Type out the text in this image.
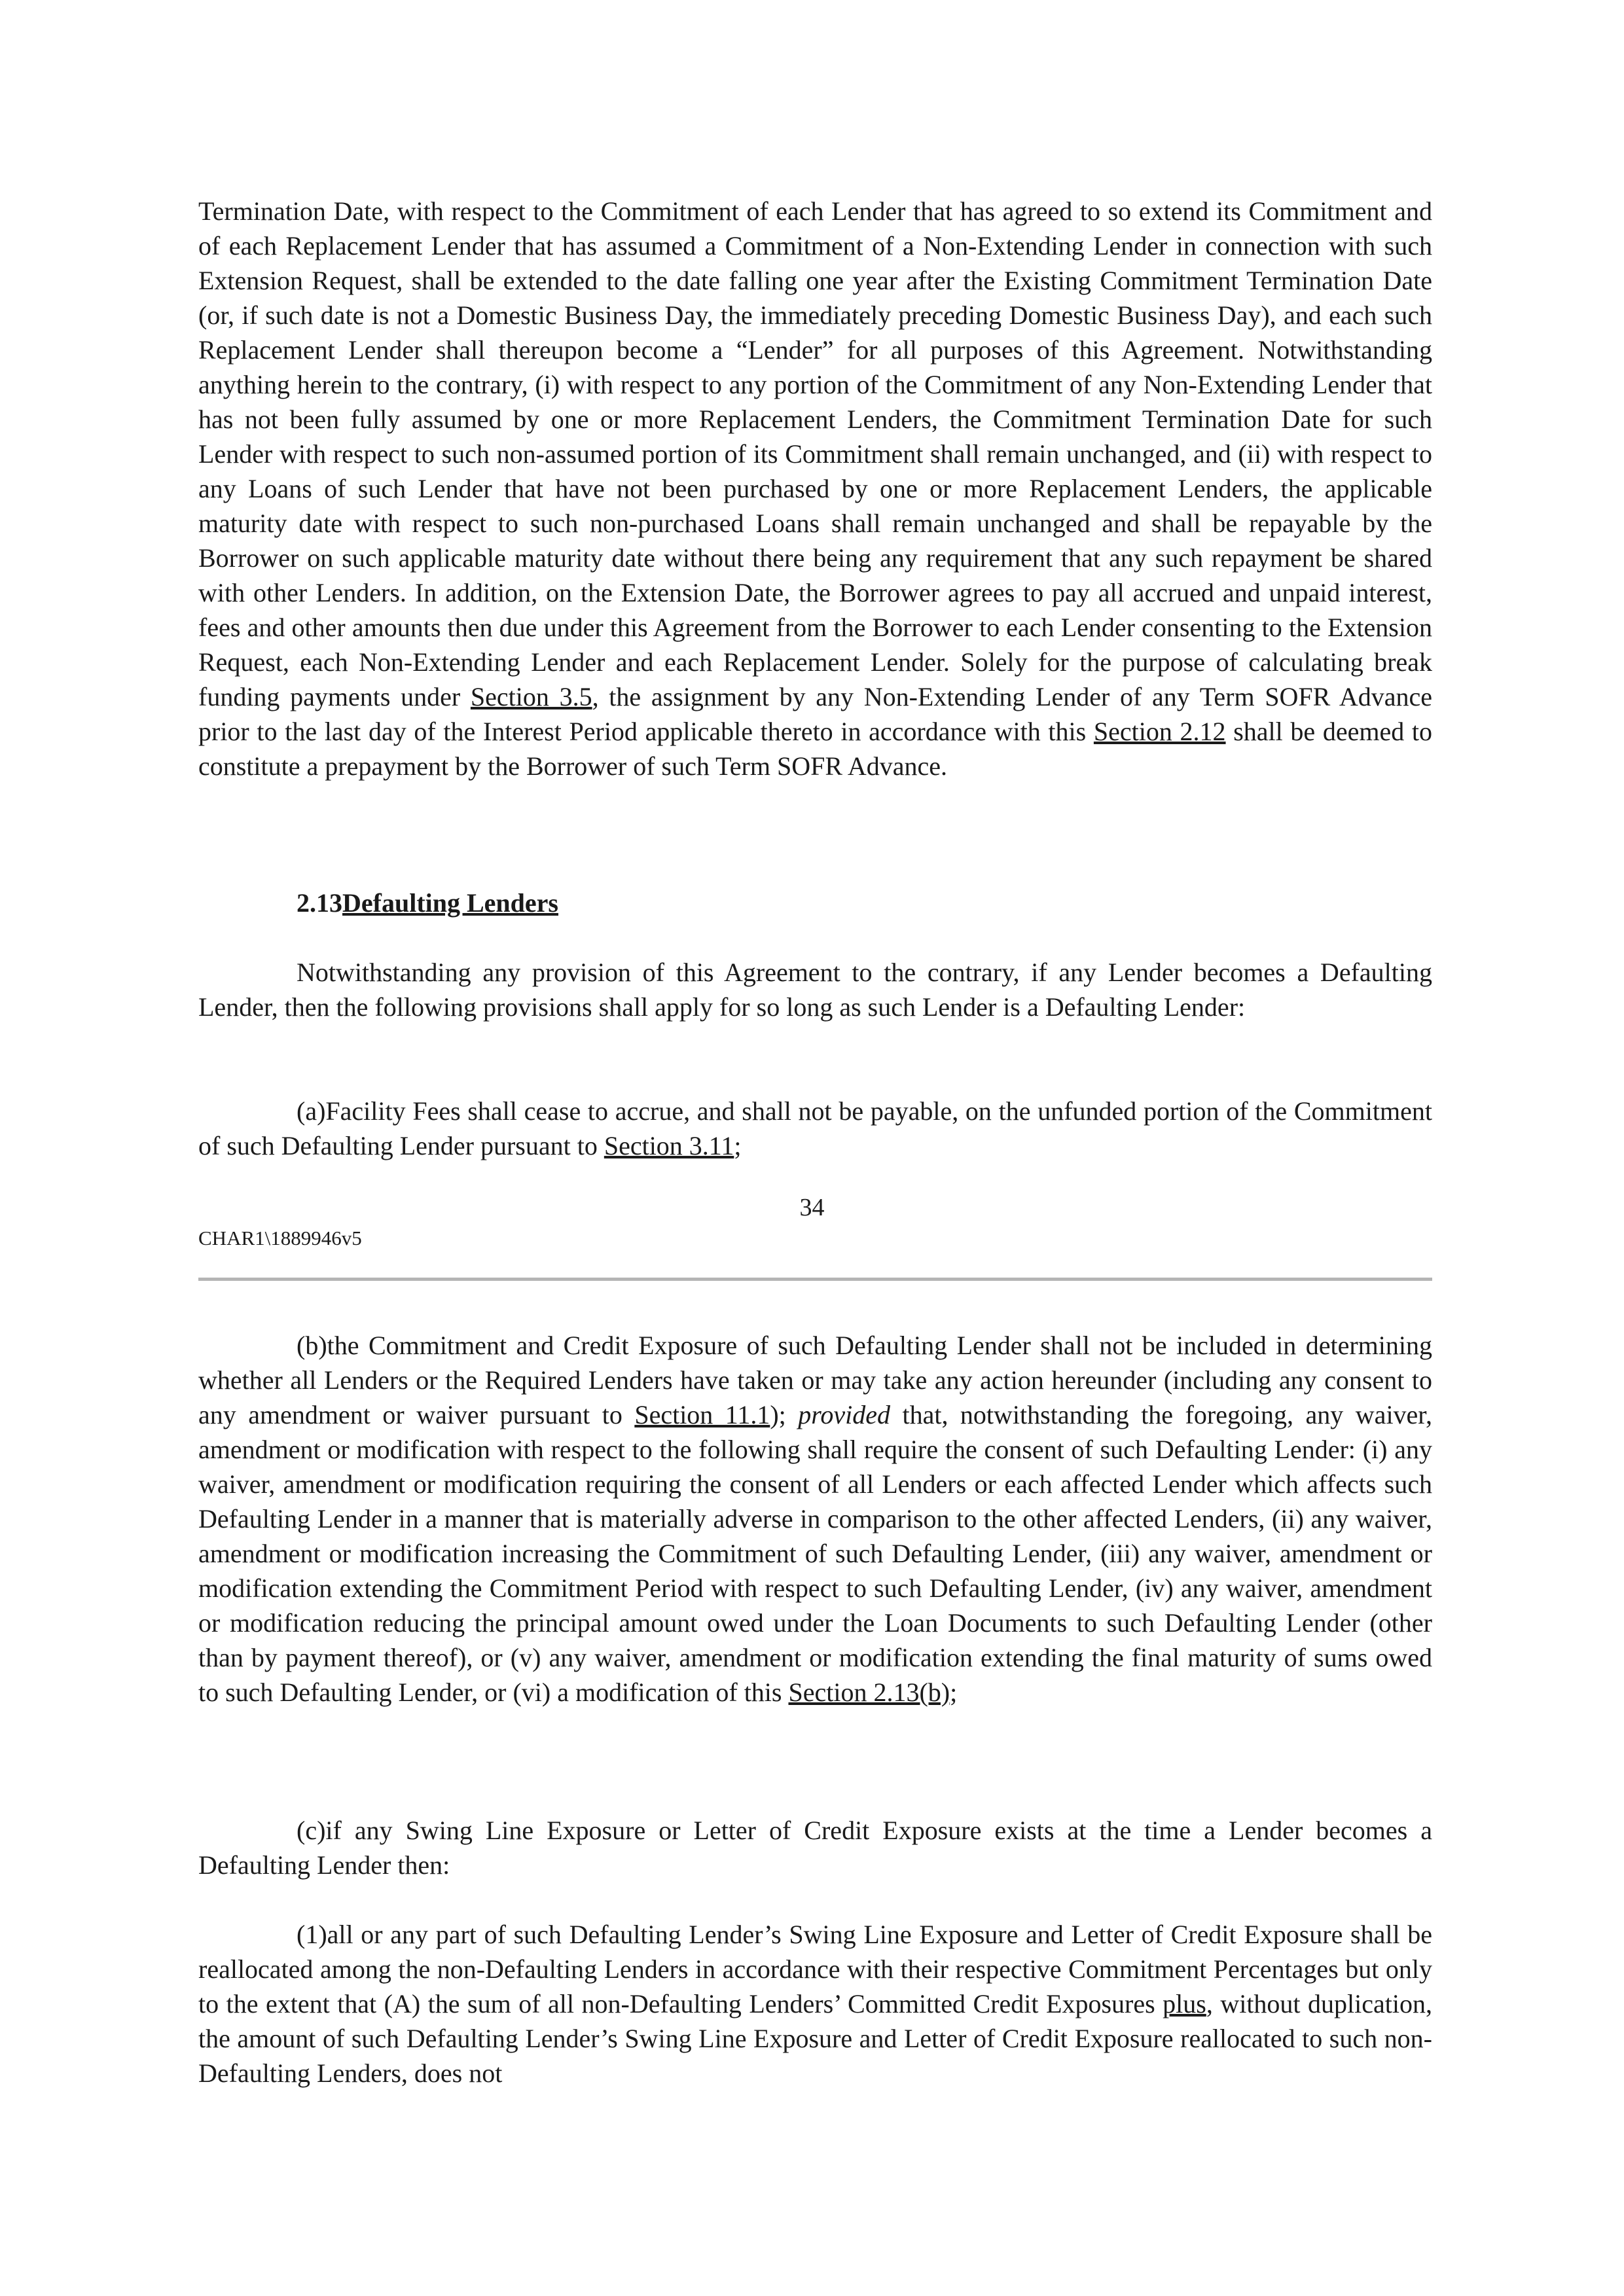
Termination Date, with respect to the Commitment of each Lender that has agreed to so extend its Commitment and of each Replacement Lender that has assumed a Commitment of a Non-Extending Lender in connection with such Extension Request, shall be extended to the date falling one year after the Existing Commitment Termination Date (or, if such date is not a Domestic Business Day, the immediately preceding Domestic Business Day), and each such Replacement Lender shall thereupon become a “Lender” for all purposes of this Agreement. Notwithstanding anything herein to the contrary, (i) with respect to any portion of the Commitment of any Non-Extending Lender that has not been fully assumed by one or more Replacement Lenders, the Commitment Termination Date for such Lender with respect to such non-assumed portion of its Commitment shall remain unchanged, and (ii) with respect to any Loans of such Lender that have not been purchased by one or more Replacement Lenders, the applicable maturity date with respect to such non-purchased Loans shall remain unchanged and shall be repayable by the Borrower on such applicable maturity date without there being any requirement that any such repayment be shared with other Lenders. In addition, on the Extension Date, the Borrower agrees to pay all accrued and unpaid interest, fees and other amounts then due under this Agreement from the Borrower to each Lender consenting to the Extension Request, each Non-Extending Lender and each Replacement Lender. Solely for the purpose of calculating break funding payments under Section 3.5, the assignment by any Non-Extending Lender of any Term SOFR Advance prior to the last day of the Interest Period applicable thereto in accordance with this Section 2.12 shall be deemed to constitute a prepayment by the Borrower of such Term SOFR Advance.

2.13Defaulting Lenders

Notwithstanding any provision of this Agreement to the contrary, if any Lender becomes a Defaulting Lender, then the following provisions shall apply for so long as such Lender is a Defaulting Lender:

(a)Facility Fees shall cease to accrue, and shall not be payable, on the unfunded portion of the Commitment of such Defaulting Lender pursuant to Section 3.11;

34

CHAR1\1889946v5

(b)the Commitment and Credit Exposure of such Defaulting Lender shall not be included in determining whether all Lenders or the Required Lenders have taken or may take any action hereunder (including any consent to any amendment or waiver pursuant to Section 11.1); provided that, notwithstanding the foregoing, any waiver, amendment or modification with respect to the following shall require the consent of such Defaulting Lender: (i) any waiver, amendment or modification requiring the consent of all Lenders or each affected Lender which affects such Defaulting Lender in a manner that is materially adverse in comparison to the other affected Lenders, (ii) any waiver, amendment or modification increasing the Commitment of such Defaulting Lender, (iii) any waiver, amendment or modification extending the Commitment Period with respect to such Defaulting Lender, (iv) any waiver, amendment or modification reducing the principal amount owed under the Loan Documents to such Defaulting Lender (other than by payment thereof), or (v) any waiver, amendment or modification extending the final maturity of sums owed to such Defaulting Lender, or (vi) a modification of this Section 2.13(b);

(c)if any Swing Line Exposure or Letter of Credit Exposure exists at the time a Lender becomes a Defaulting Lender then:

(1)all or any part of such Defaulting Lender’s Swing Line Exposure and Letter of Credit Exposure shall be reallocated among the non-Defaulting Lenders in accordance with their respective Commitment Percentages but only to the extent that (A) the sum of all non-Defaulting Lenders’ Committed Credit Exposures plus, without duplication, the amount of such Defaulting Lender’s Swing Line Exposure and Letter of Credit Exposure reallocated to such non-Defaulting Lenders, does not
